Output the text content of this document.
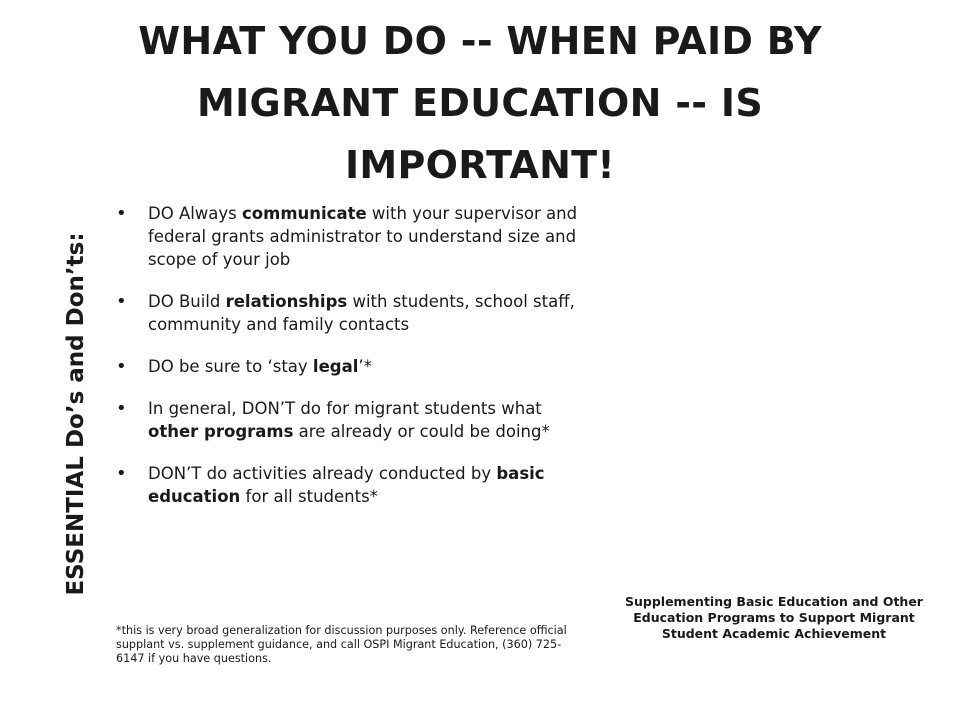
WHAT YOU DO -- WHEN PAID BY MIGRANT EDUCATION -- IS IMPORTANT!
ESSENTIAL Do’s and Don’ts:
• DO Always communicate with your supervisor and federal grants administrator to understand size and scope of your job
• DO Build relationships with students, school staff, community and family contacts
• DO be sure to ‘stay legal’*
• In general, DON’T do for migrant students what other programs are already or could be doing*
• DON’T do activities already conducted by basic education for all students*

*this is very broad generalization for discussion purposes only. Reference official supplant vs. supplement guidance, and call OSPI Migrant Education, (360) 725-6147 if you have questions.

Supplementing Basic Education and Other Education Programs to Support Migrant Student Academic Achievement
